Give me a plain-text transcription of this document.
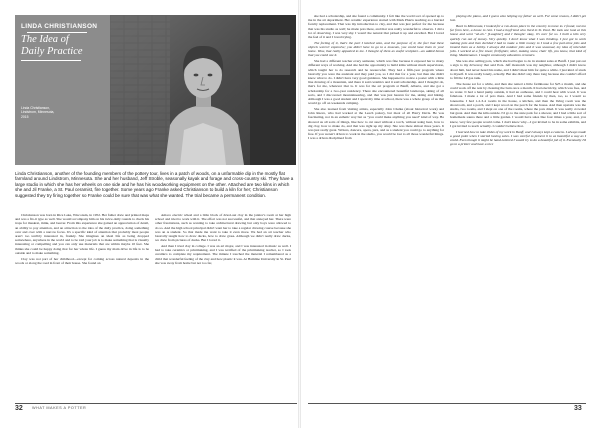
LINDA CHRISTIANSON
The Idea of
Daily Practice
Linda Christianson,
Lindstrom, Minnesota,
2015

Linda Christianson, another of the founding members of the pottery tour, lives in a patch of woods, on a unfarmable dip in the mostly flat farmland around Lindstrom, Minnesota. She and her husband, Jeff Stroble, seasonally kayak and forage and cross-country ski. They have a large studio in which she has her wheels on one side and he has his woodworking equipment on the other. Attached are two kilns in which she and Jil Franke, a St. Paul ceramist, fire together. Some years ago Franke asked Christianson to build a kiln for her; Christianson suggested they try firing together so Franke could be sure that was what she wanted. The trial became a permanent condition.

Christianson was born in Rice Lake, Wisconsin, in 1952. Her father drew and printed maps and was a fix-it type as well. She would accompany him on his twice-daily rounds to check his traps for muskrat, mink, and beaver. From this experience she gained an appreciation of detail, an ability to pay attention, and an attraction to the idea of the daily practice, doing something over and over with a narrow focus. It's a specific kind of attention that probably most people aren't too terribly interested in, frankly. She imagines an ideal life as being dropped somewhere, anywhere in the world and to be told your job is to make something that is visually interesting or compelling and you can only use materials that are within maybe 10 feet. She thinks she could be happy doing that for her whole life. I guess my main drive in life is to be outside and to make something.

Clay was not part of her childhood—except for coming across natural deposits in the woods or along the road in front of their house. She found an

Amaco electric wheel and a little block of dried-out clay in the janitor's room at her high school and tried to work with it. The effort was not successful, and that annoyed her. There were other frustrations, such as wanting to take architectural drawing but only boys were allowed to do so. And the high school principal didn't want her to take a regular drawing course because she was an A student. So that made me want to take it even more. We had an art teacher who basically taught how to draw ducks, how to draw grass. Although we didn't really draw ducks, we drew from pictures of ducks. But I loved it.

And then I tried clay in college. I was an art major, and I was interested in music as well. I had to take ceramics or printmaking, and I was terrified of the printmaking teacher, so I took ceramics to complete my requirement. The minute I touched the material I remembered as a child that wonderful feeling of the clay and how plastic it was. At Hamline University in St. Paul she was away from home but not too far,

she had a scholarship, and she found a community. I felt like the world sort of opened up to me in the art department. Her ceramic experience started with Mark Pharis teaching as a harried faculty replacement. That was my introduction to clay, and that was just perfect for me because that was his studio as well; he made pots there, and that was really wonderful to observe. I did a lot of observing. I was very shy. I wasn't the natural that picked it up and excelled. But I loved the feel of it and I loved trying.

The feeling of it, that's the part I latched onto, and the purpose of it, the fact that these objects weren't expensive; you didn't have to go to a museum, you could have them in your home. Wow, that really appealed to me. I thought of them as useful sculpture—an added bonus that you could use it.

She had a different teacher every semester, which was fine because it exposed her to many different ways of working. And she had the opportunity to build kilns without much supervision, which taught her to do research and be resourceful. They had a fifth-year program where basically you were the assistant and they paid you, so I did that for a year, but then she didn't know what to do. I didn't have very good guidance. She happened to notice a poster with a little line drawing of a mountain, and there it said ceramics and it said scholarship. And I thought: oh, that's for me, whatever that is. It was for the art program at Banff, Alberta, and she got a scholarship for a two-year residency. There she encountered beautiful landscape, skiing of all sorts, and I discovered mountaineering, and that was just heaven for me, skiing and hiking. Although I was a good student and I spent my time at school, there was a whole group of us that would go off on weekends camping.

She also learned from visiting artists, especially John Chalke (about historical work) and John Reeve, who had worked at the Leach pottery, but most of all Harry Davis. He was fascinating, not in an esthetic way but as "you could make anything you need" kind of way. He showed us all sorts of things, like how to cut steel without a torch, without using heat, how to dig clay, how to make do, and that was right up my alley. She was there almost three years. It was just really great. Writers, dancers, opera, jazz, and as a student you could go to anything for free. If you weren't driven to work in the studio, you would be lost to all those wonderful things. I was a driven disciplined from

playing the piano, and I guess also helping my father as well. For some reason, I didn't get lost.

Back in Minnesota, I looked for a run-down place in the country to move to. I found, not too far from here, a house to rent. I had a boyfriend who lived in St. Paul. He took one look at this house and went "uh-oh." [Laughter] and I thought: okay, it's over for us. I built a kiln very quickly run out of money. Very quickly. I don't know what I was thinking. I just got to work making pots and then decided I had to make a little money to I took a few part-time jobs and treated them as a hobby. I always did outdoor jobs and it was seasonal, my idea of tolerable jobs. I worked at a fire tower, firefighter, skier, making snow, chair lift, you know, that kind of thing. Maintenance. I taught community education ceramics.

She was also selling pots, which she had begun to do in student sales at Banff. I just put out a sign to my driveway that said Pots. Jeff Oestreich was my neighbor, although I didn't know about him, had never heard his name, and I didn't meet him for quite a while. I just kind of stuck to myself. It was really lonely, actually. But she didn't stay there long because she couldn't afford to fill the LP gas tank.

The house sat for a while, and then she rented a little farmhouse for $25 a month, and she could work off the rent by cleaning the barn once a month. It had electricity, which was free, and no water. It had a hand pump outside, it had an outhouse, and I could heat with wood. It was fabulous. I made a lot of pots there. And I had some friends by then, too, so I wasn't so lonesome. I had 1-2-3-4 rooms in the house, a kitchen, and then the living room was the showroom, and a porch, and I kept wood on the porch for the house. And then upstairs was the studio, two rooms, and I slept on one of the rooms, where the pots dried. It was really crowded but great. And then the kiln outside. I'd go to the state park for a shower, and I had a little sort of homemade sauna there and a little garden. I would have sales like four times a year, and, you know, very few people would come. I don't know why—I got invited to be in some exhibits, and I got invited to teach actually. I couldn't believe that.

I learned how to take slides of my work in Banff, and I always kept a camera. I always made a good point when I started having sales. I was careful to present it to as beautiful a way as I could. Even though it might be hand-lettered I would try to do a beautiful job of it. Eventually I'd go to a printer and have a nice

32 WHAT MAKES A POTTER	33
